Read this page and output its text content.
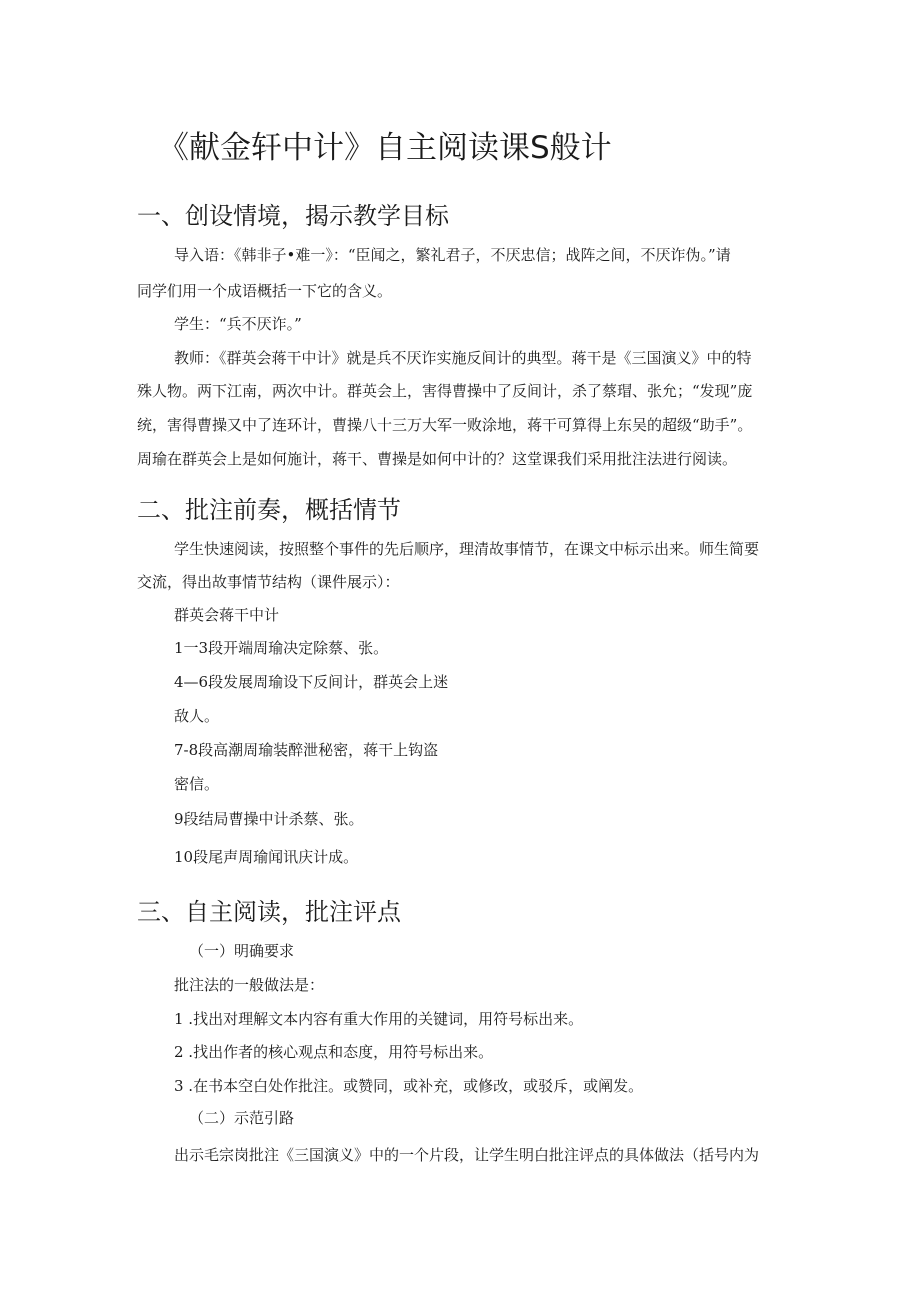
《献金轩中计》自主阅读课S般计
一、创设情境，揭示教学目标

导入语：《韩非子•难一》：“臣闻之，繁礼君子，不厌忠信；战阵之间，不厌诈伪。”请

同学们用一个成语概括一下它的含义。

学生：“兵不厌诈。”

教师：《群英会蒋干中计》就是兵不厌诈实施反间计的典型。蒋干是《三国演义》中的特

殊人物。两下江南，两次中计。群英会上，害得曹操中了反间计，杀了蔡瑁、张允；“发现”庞

统，害得曹操又中了连环计，曹操八十三万大军一败涂地，蒋干可算得上东吴的超级“助手”。

周瑜在群英会上是如何施计，蒋干、曹操是如何中计的？这堂课我们采用批注法进行阅读。

二、批注前奏，概括情节

学生快速阅读，按照整个事件的先后顺序，理清故事情节，在课文中标示出来。师生简要

交流，得出故事情节结构（课件展示）：

群英会蒋干中计

1一3段开端周瑜决定除蔡、张。

4—6段发展周瑜设下反间计，群英会上迷

敌人。

7-8段高潮周瑜装醉泄秘密，蒋干上钩盗

密信。

9段结局曹操中计杀蔡、张。

10段尾声周瑜闻讯庆计成。

三、自主阅读，批注评点

（一）明确要求

批注法的一般做法是：

1 .找出对理解文本内容有重大作用的关键词，用符号标出来。

2 .找出作者的核心观点和态度，用符号标出来。

3 .在书本空白处作批注。或赞同，或补充，或修改，或驳斥，或阐发。

（二）示范引路

出示毛宗岗批注《三国演义》中的一个片段，让学生明白批注评点的具体做法（括号内为
